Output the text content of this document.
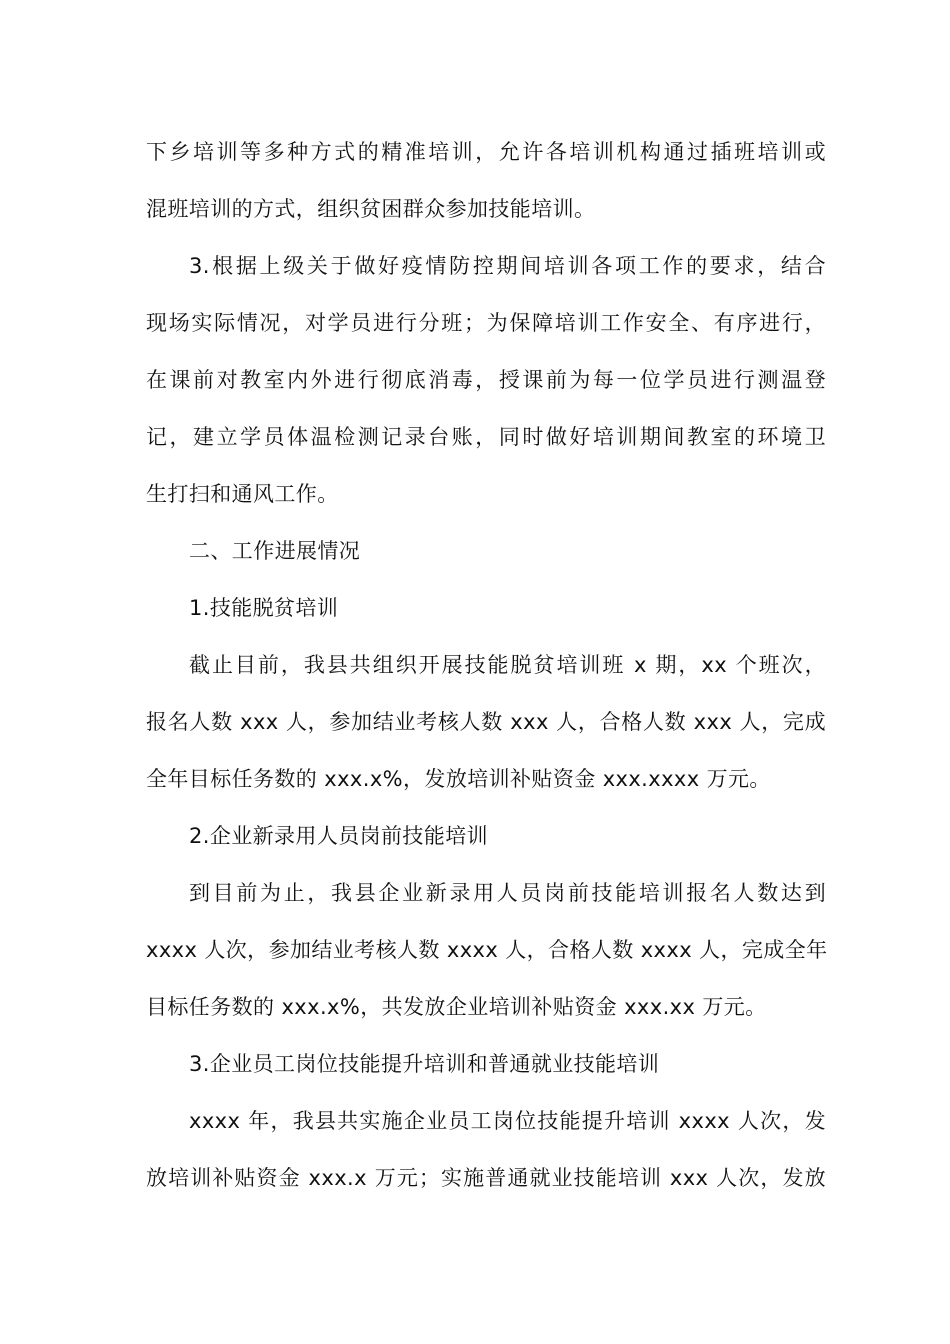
下乡培训等多种方式的精准培训，允许各培训机构通过插班培训或
混班培训的方式，组织贫困群众参加技能培训。
3.根据上级关于做好疫情防控期间培训各项工作的要求，结合
现场实际情况，对学员进行分班；为保障培训工作安全、有序进行，
在课前对教室内外进行彻底消毒，授课前为每一位学员进行测温登
记，建立学员体温检测记录台账，同时做好培训期间教室的环境卫
生打扫和通风工作。
二、工作进展情况
1.技能脱贫培训
截止目前，我县共组织开展技能脱贫培训班 x 期，xx 个班次，
报名人数 xxx 人，参加结业考核人数 xxx 人，合格人数 xxx 人，完成
全年目标任务数的 xxx.x%，发放培训补贴资金 xxx.xxxx 万元。
2.企业新录用人员岗前技能培训
到目前为止，我县企业新录用人员岗前技能培训报名人数达到
xxxx 人次，参加结业考核人数 xxxx 人，合格人数 xxxx 人，完成全年
目标任务数的 xxx.x%，共发放企业培训补贴资金 xxx.xx 万元。
3.企业员工岗位技能提升培训和普通就业技能培训
xxxx 年，我县共实施企业员工岗位技能提升培训 xxxx 人次，发
放培训补贴资金 xxx.x 万元；实施普通就业技能培训 xxx 人次，发放
